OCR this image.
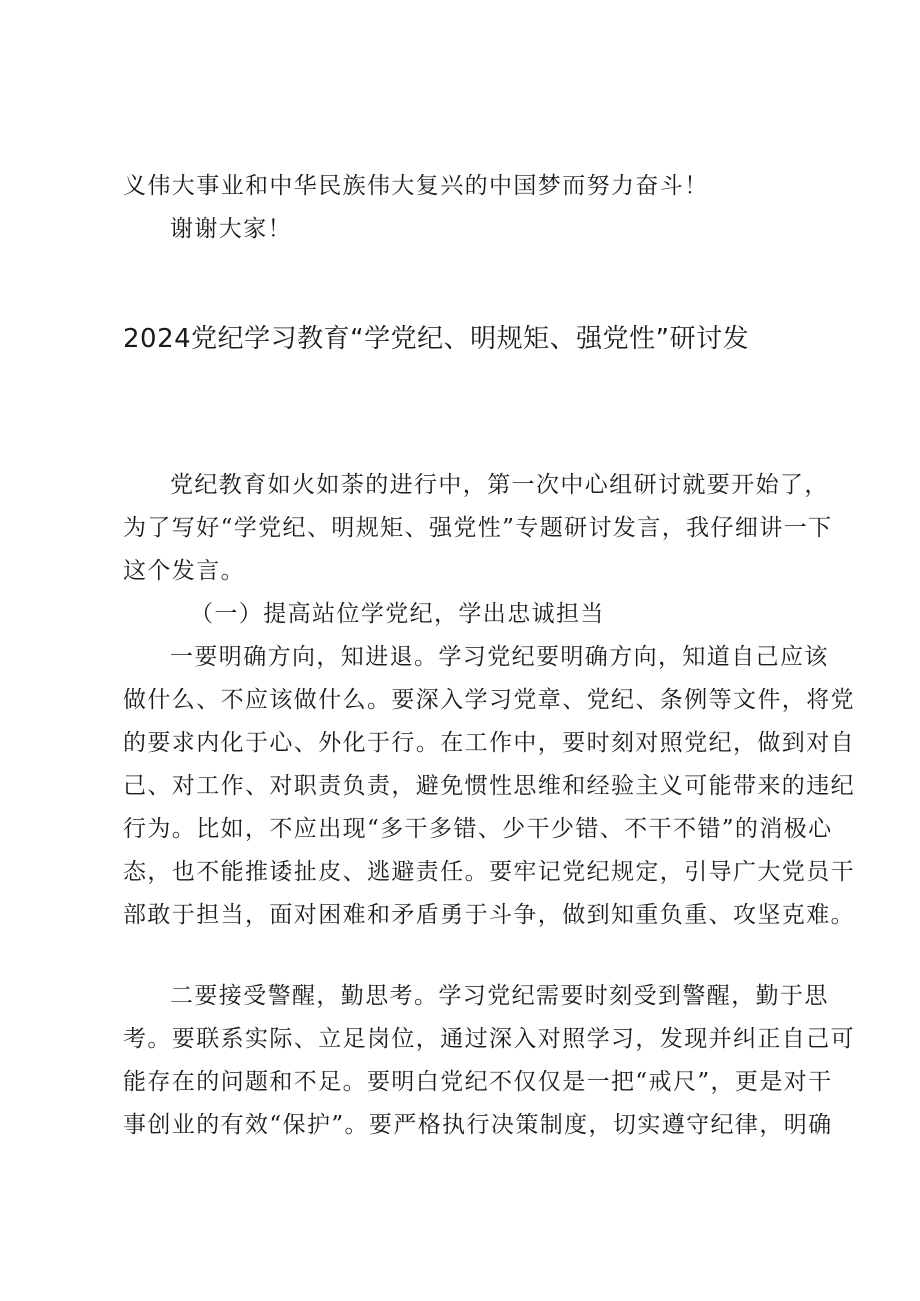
义伟大事业和中华民族伟大复兴的中国梦而努力奋斗！
谢谢大家！
2024党纪学习教育“学党纪、明规矩、强党性”研讨发
党纪教育如火如荼的进行中，第一次中心组研讨就要开始了，
为了写好“学党纪、明规矩、强党性”专题研讨发言，我仔细讲一下
这个发言。
（一）提高站位学党纪，学出忠诚担当
一要明确方向，知进退。学习党纪要明确方向，知道自己应该
做什么、不应该做什么。要深入学习党章、党纪、条例等文件，将党
的要求内化于心、外化于行。在工作中，要时刻对照党纪，做到对自
己、对工作、对职责负责，避免惯性思维和经验主义可能带来的违纪
行为。比如，不应出现“多干多错、少干少错、不干不错”的消极心
态，也不能推诿扯皮、逃避责任。要牢记党纪规定，引导广大党员干
部敢于担当，面对困难和矛盾勇于斗争，做到知重负重、攻坚克难。
二要接受警醒，勤思考。学习党纪需要时刻受到警醒，勤于思
考。要联系实际、立足岗位，通过深入对照学习，发现并纠正自己可
能存在的问题和不足。要明白党纪不仅仅是一把“戒尺”，更是对干
事创业的有效“保护”。要严格执行决策制度，切实遵守纪律，明确
